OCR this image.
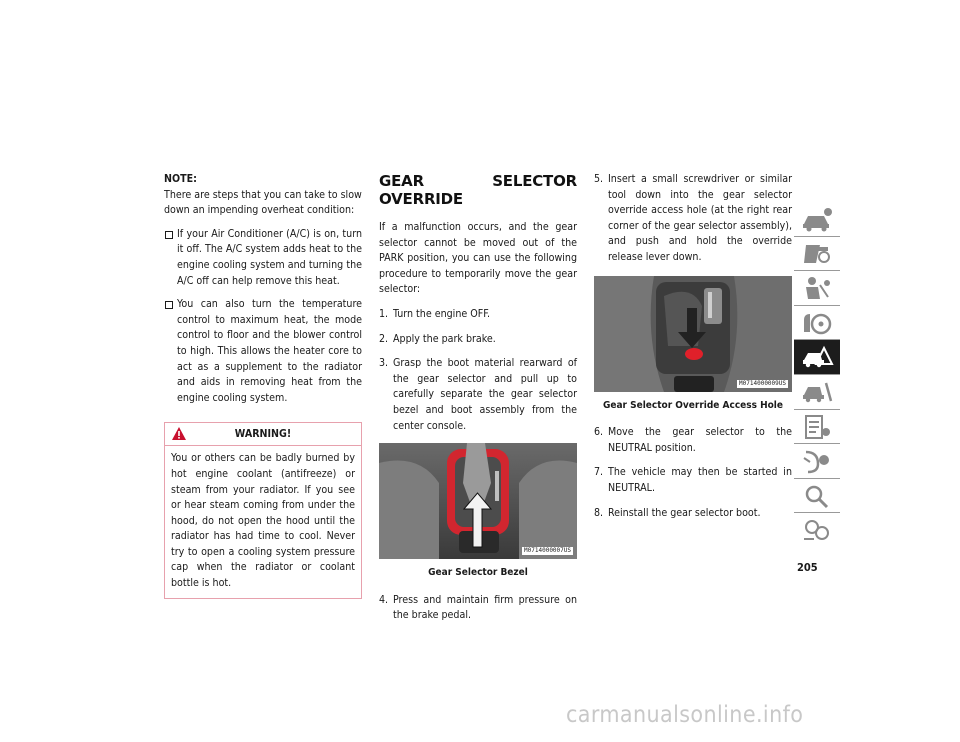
NOTE:

There are steps that you can take to slow down an impending overheat condition:

If your Air Conditioner (A/C) is on, turn it off. The A/C system adds heat to the engine cooling system and turning the A/C off can help remove this heat.
You can also turn the temperature control to maximum heat, the mode control to floor and the blower control to high. This allows the heater core to act as a supplement to the radiator and aids in removing heat from the engine cooling system.
WARNING!
You or others can be badly burned by hot engine coolant (antifreeze) or steam from your radiator. If you see or hear steam coming from under the hood, do not open the hood until the radiator has had time to cool. Never try to open a cooling system pressure cap when the radiator or coolant bottle is hot.
GEAR SELECTOR OVERRIDE

If a malfunction occurs, and the gear selector cannot be moved out of the PARK position, you can use the following procedure to temporarily move the gear selector:

1. Turn the engine OFF.
2. Apply the park brake.
3. Grasp the boot material rearward of the gear selector and pull up to carefully separate the gear selector bezel and boot assembly from the center console.
M0714000007US
Gear Selector Bezel
4. Press and maintain firm pressure on the brake pedal.
5. Insert a small screwdriver or similar tool down into the gear selector override access hole (at the right rear corner of the gear selector assembly), and push and hold the override release lever down.
M0714000009US
Gear Selector Override Access Hole
6. Move the gear selector to the NEUTRAL position.
7. The vehicle may then be started in NEUTRAL.
8. Reinstall the gear selector boot.
205
carmanualsonline.info
